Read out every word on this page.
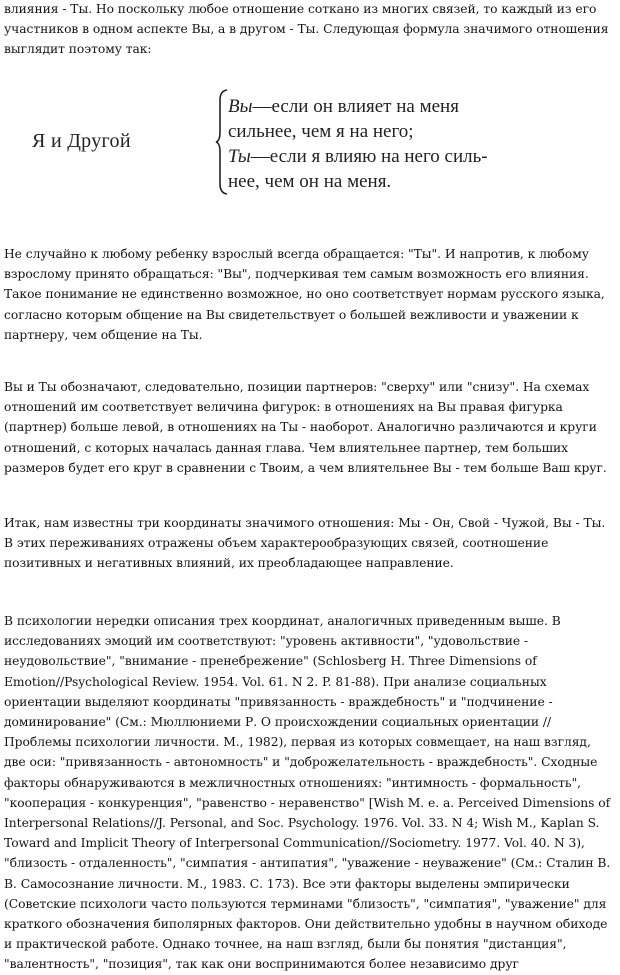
влияния - Ты. Но поскольку любое отношение соткано из многих связей, то каждый из его участников в одном аспекте Вы, а в другом - Ты. Следующая формула значимого отношения выглядит поэтому так:

Я и Другой
Вы—если он влияет на меня
сильнее, чем я на него;
Ты—если я влияю на него силь-
нее, чем он на меня.

Не случайно к любому ребенку взрослый всегда обращается: "Ты". И напротив, к любому взрослому принято обращаться: "Вы", подчеркивая тем самым возможность его влияния. Такое понимание не единственно возможное, но оно соответствует нормам русского языка, согласно которым общение на Вы свидетельствует о большей вежливости и уважении к партнеру, чем общение на Ты.

Вы и Ты обозначают, следовательно, позиции партнеров: "сверху" или "снизу". На схемах отношений им соответствует величина фигурок: в отношениях на Вы правая фигурка (партнер) больше левой, в отношениях на Ты - наоборот. Аналогично различаются и круги отношений, с которых началась данная глава. Чем влиятельнее партнер, тем больших размеров будет его круг в сравнении с Твоим, а чем влиятельнее Вы - тем больше Ваш круг.

Итак, нам известны три координаты значимого отношения: Мы - Он, Свой - Чужой, Вы - Ты. В этих переживаниях отражены объем характерообразующих связей, соотношение позитивных и негативных влияний, их преобладающее направление.

В психологии нередки описания трех координат, аналогичных приведенным выше. В исследованиях эмоций им соответствуют: "уровень активности", "удовольствие - неудовольствие", "внимание - пренебрежение" (Schlosberg H. Three Dimensions of Emotion//Psychological Review. 1954. Vol. 61. N 2. P. 81-88). При анализе социальных ориентации выделяют координаты "привязанность - враждебность" и "подчинение - доминирование" (См.: Мюллюниеми Р. О происхождении социальных ориентации // Проблемы психологии личности. М., 1982), первая из которых совмещает, на наш взгляд, две оси: "привязанность - автономность" и "доброжелательность - враждебность". Сходные факторы обнаруживаются в межличностных отношениях: "интимность - формальность", "кооперация - конкуренция", "равенство - неравенство" [Wish M. e. a. Perceived Dimensions of Interpersonal Relations//J. Personal, and Soc. Psychology. 1976. Vol. 33. N 4; Wish M., Kaplan S. Toward and Implicit Theory of Interpersonal Communication//Sociometry. 1977. Vol. 40. N 3), "близость - отдаленность", "симпатия - антипатия", "уважение - неуважение" (См.: Сталин В. В. Самосознание личности. М., 1983. С. 173). Все эти факторы выделены эмпирически (Советские психологи часто пользуются терминами "близость", "симпатия", "уважение" для краткого обозначения биполярных факторов. Они действительно удобны в научном обиходе и практической работе. Однако точнее, на наш взгляд, были бы понятия "дистанция", "валентность", "позиция", так как они воспринимаются более независимо друг
